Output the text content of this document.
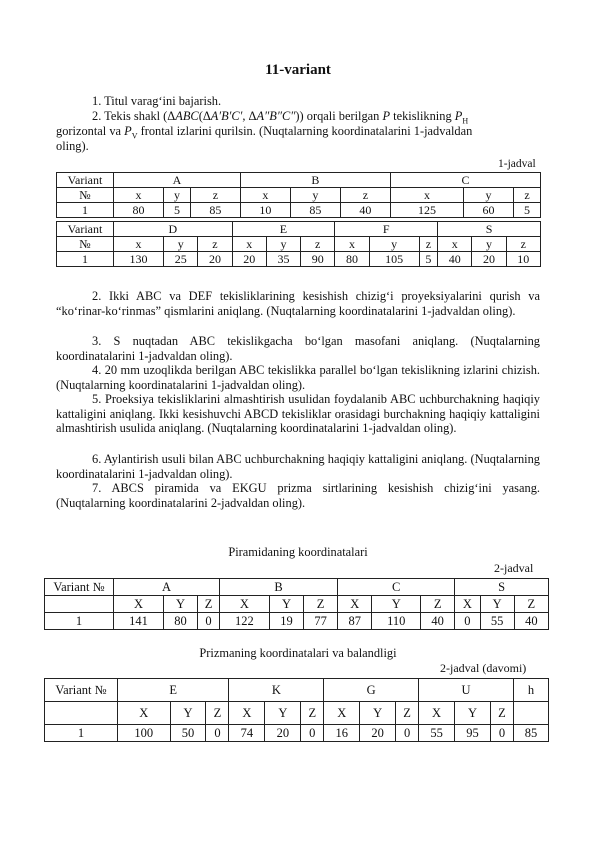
11-variant
1. Titul varag‘ini bajarish.
2. Tekis shakl (ΔABC(ΔA′B′C′, ΔA″B″C″)) orqali berilgan P tekislikning $P_H$
gorizontal va $P_V$ frontal izlarini qurilsin. (Nuqtalarning koordinatalarini 1-jadvaldan
oling).
1-jadval
Variant	A			B			C		
№	x	y	z	x	y	z	x	y	z
1	80	5	85	10	85	40	125	60	5
Variant	D			E			F			S		
№	x	y	z	x	y	z	x	y	z	x	y	z
1	130	25	20	20	35	90	80	105	5	40	20	10
2. Ikki ABC va DEF tekisliklarining kesishish chizig‘i proyeksiyalarini qurish va “ko‘rinar-ko‘rinmas” qismlarini aniqlang. (Nuqtalarning koordinatalarini 1-jadvaldan oling).
3. S nuqtadan ABC tekislikgacha bo‘lgan masofani aniqlang. (Nuqtalarning koordinatalarini 1-jadvaldan oling).
4. 20 mm uzoqlikda berilgan ABC tekislikka parallel bo‘lgan tekislikning izlarini chizish. (Nuqtalarning koordinatalarini 1-jadvaldan oling).
5. Proeksiya tekisliklarini almashtirish usulidan foydalanib ABC uchburchakning haqiqiy kattaligini aniqlang. Ikki kesishuvchi ABCD tekisliklar orasidagi burchakning haqiqiy kattaligini almashtirish usulida aniqlang. (Nuqtalarning koordinatalarini 1-jadvaldan oling).
6. Aylantirish usuli bilan ABC uchburchakning haqiqiy kattaligini aniqlang. (Nuqtalarning koordinatalarini 1-jadvaldan oling).
7. ABCS piramida va EKGU prizma sirtlarining kesishish chizig‘ini yasang. (Nuqtalarning koordinatalarini 2-jadvaldan oling).
Piramidaning koordinatalari
2-jadval
Variant №	A			B			C			S		
	X	Y	Z	X	Y	Z	X	Y	Z	X	Y	Z
1	141	80	0	122	19	77	87	110	40	0	55	40
Prizmaning koordinatalari va balandligi
2-jadval (davomi)
Variant №	E			K			G			U			h
	X	Y	Z	X	Y	Z	X	Y	Z	X	Y	Z	
1	100	50	0	74	20	0	16	20	0	55	95	0	85
